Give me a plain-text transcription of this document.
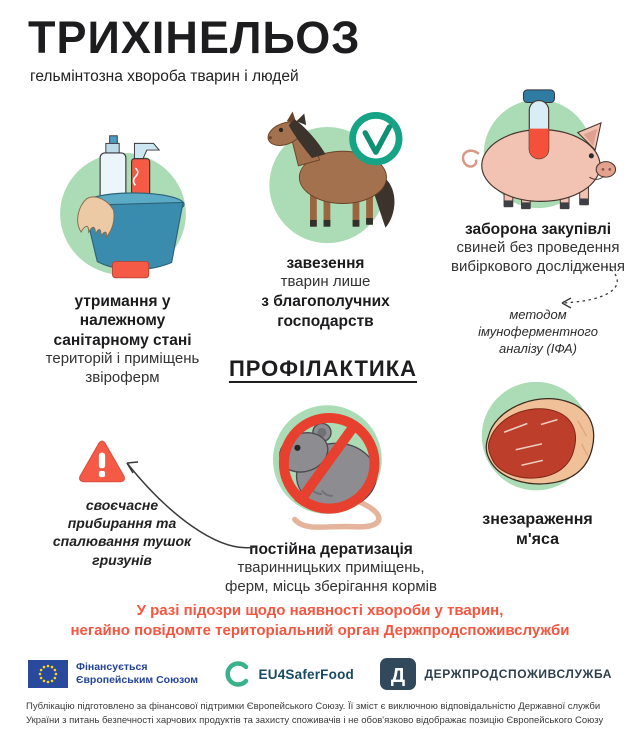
ТРИХІНЕЛЬОЗ

гельмінтозна хвороба тварин і людей

утримання у належному санітарному стані
територій і приміщень звіроферм

завезення
тварин лише
з благополучних господарств

заборона закупівлі
свиней без проведення вибіркового дослідження

методом імуноферментного аналізу (ІФА)

ПРОФІЛАКТИКА

своєчасне прибирання та спалювання тушок гризунів

постійна дератизація
тваринницьких приміщень, ферм, місць зберігання кормів

знезараження м'яса

У разі підозри щодо наявності хвороби у тварин,
негайно повідомте територіальний орган Держпродспоживслужби
Фінансується
Європейським Союзом	EU4SaferFood Д ДЕРЖПРОДСПОЖИВСЛУЖБА

Публікацію підготовлено за фінансової підтримки Європейського Союзу. Її зміст є виключною відповідальністю Державної служби України з питань безпечності харчових продуктів та захисту споживачів і не обов'язково відображає позицію Європейського Союзу
